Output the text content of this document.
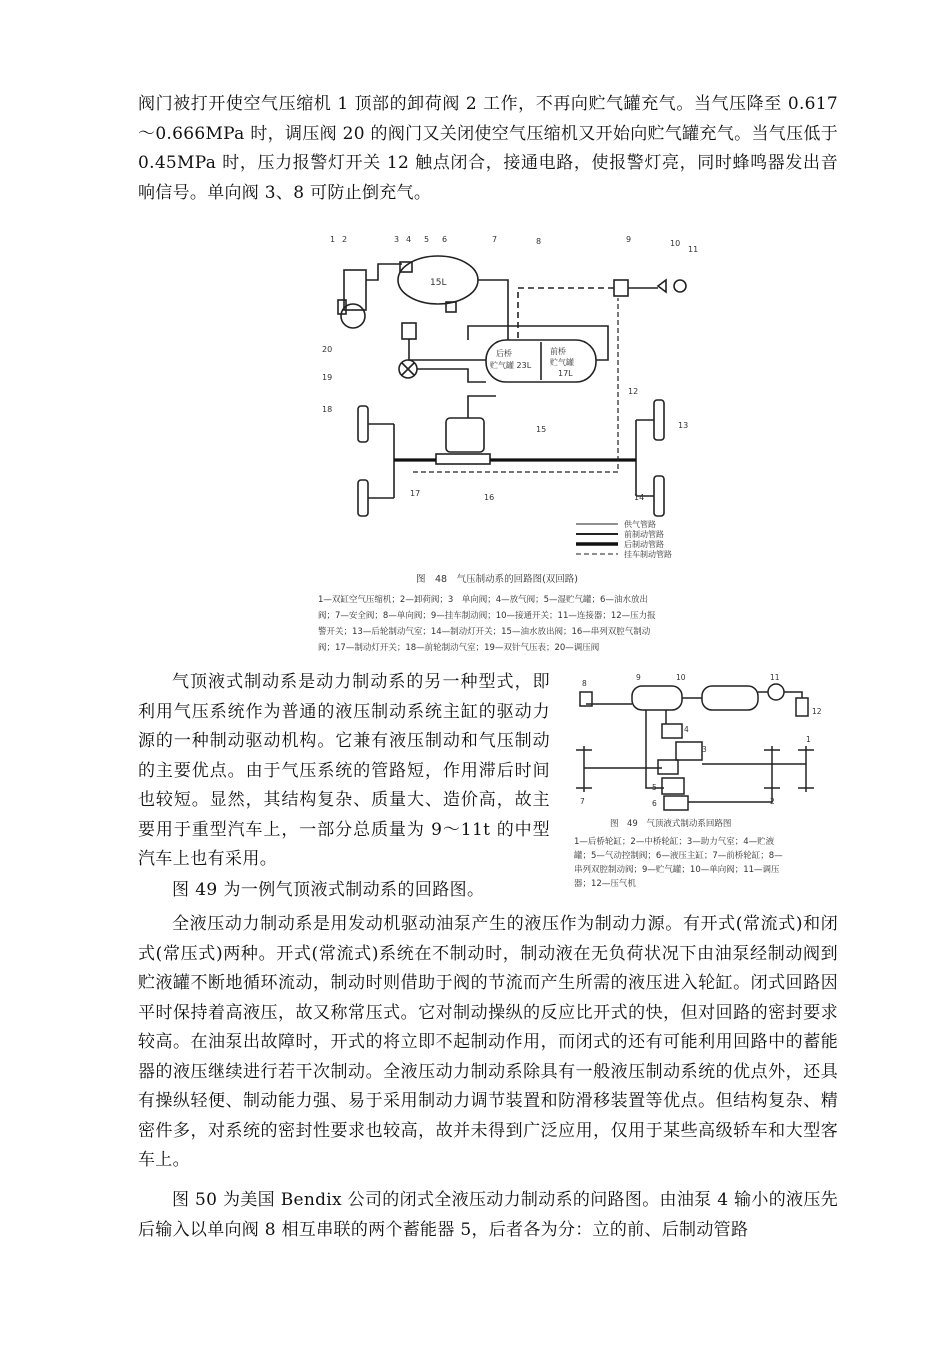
阀门被打开使空气压缩机 1 顶部的卸荷阀 2 工作，不再向贮气罐充气。当气压降至 0.617～0.666MPa 时，调压阀 20 的阀门又关闭使空气压缩机又开始向贮气罐充气。当气压低于 0.45MPa 时，压力报警灯开关 12 触点闭合，接通电路，使报警灯亮，同时蜂鸣器发出音响信号。单向阀 3、8 可防止倒充气。

15L
后桥
贮气罐 23L
前桥
贮气罐
17L
1 2	3 4 5 6	7	8	9	10
11
12
13
14
15
16
17
18
19
20
供气管路
前制动管路
后制动管路
挂车制动管路
图　48　气压制动系的回路图(双回路)
1—双缸空气压缩机；2—卸荷阀；3　单向阀；4—放气阀；5—湿贮气罐；6—油水放出
阀；7—安全阀；8—单向阀；9—挂车制动阀；10—接通开关；11—连接器；12—压力报
警开关；13—后轮制动气室；14—制动灯开关；15—油水放出阀；16—串列双腔气制动
阀；17—制动灯开关；18—前轮制动气室；19—双针气压表；20—调压阀

气顶液式制动系是动力制动系的另一种型式，即利用气压系统作为普通的液压制动系统主缸的驱动力源的一种制动驱动机构。它兼有液压制动和气压制动的主要优点。由于气压系统的管路短，作用滞后时间也较短。显然，其结构复杂、质量大、造价高，故主要用于重型汽车上，一部分总质量为 9～11t 的中型汽车上也有采用。

图 49 为一例气顶液式制动系的回路图。

1
2
3
4
5
6
7
8
9	10	11
12
图　49　气顶液式制动系回路图
1—后桥轮缸；2—中桥轮缸；3—助力气室；4—贮液
罐；5—气动控制阀；6—液压主缸；7—前桥轮缸；8—
串列双腔制动阀；9—贮气罐；10—单向阀；11—调压
器；12—压气机

全液压动力制动系是用发动机驱动油泵产生的液压作为制动力源。有开式(常流式)和闭式(常压式)两种。开式(常流式)系统在不制动时，制动液在无负荷状况下由油泵经制动阀到贮液罐不断地循环流动，制动时则借助于阀的节流而产生所需的液压进入轮缸。闭式回路因平时保持着高液压，故又称常压式。它对制动操纵的反应比开式的快，但对回路的密封要求较高。在油泵出故障时，开式的将立即不起制动作用，而闭式的还有可能利用回路中的蓄能器的液压继续进行若干次制动。全液压动力制动系除具有一般液压制动系统的优点外，还具有操纵轻便、制动能力强、易于采用制动力调节装置和防滑移装置等优点。但结构复杂、精密件多，对系统的密封性要求也较高，故并未得到广泛应用，仅用于某些高级轿车和大型客车上。

图 50 为美国 Bendix 公司的闭式全液压动力制动系的问路图。由油泵 4 输小的液压先后输入以单向阀 8 相互串联的两个蓄能器 5，后者各为分：立的前、后制动管路
